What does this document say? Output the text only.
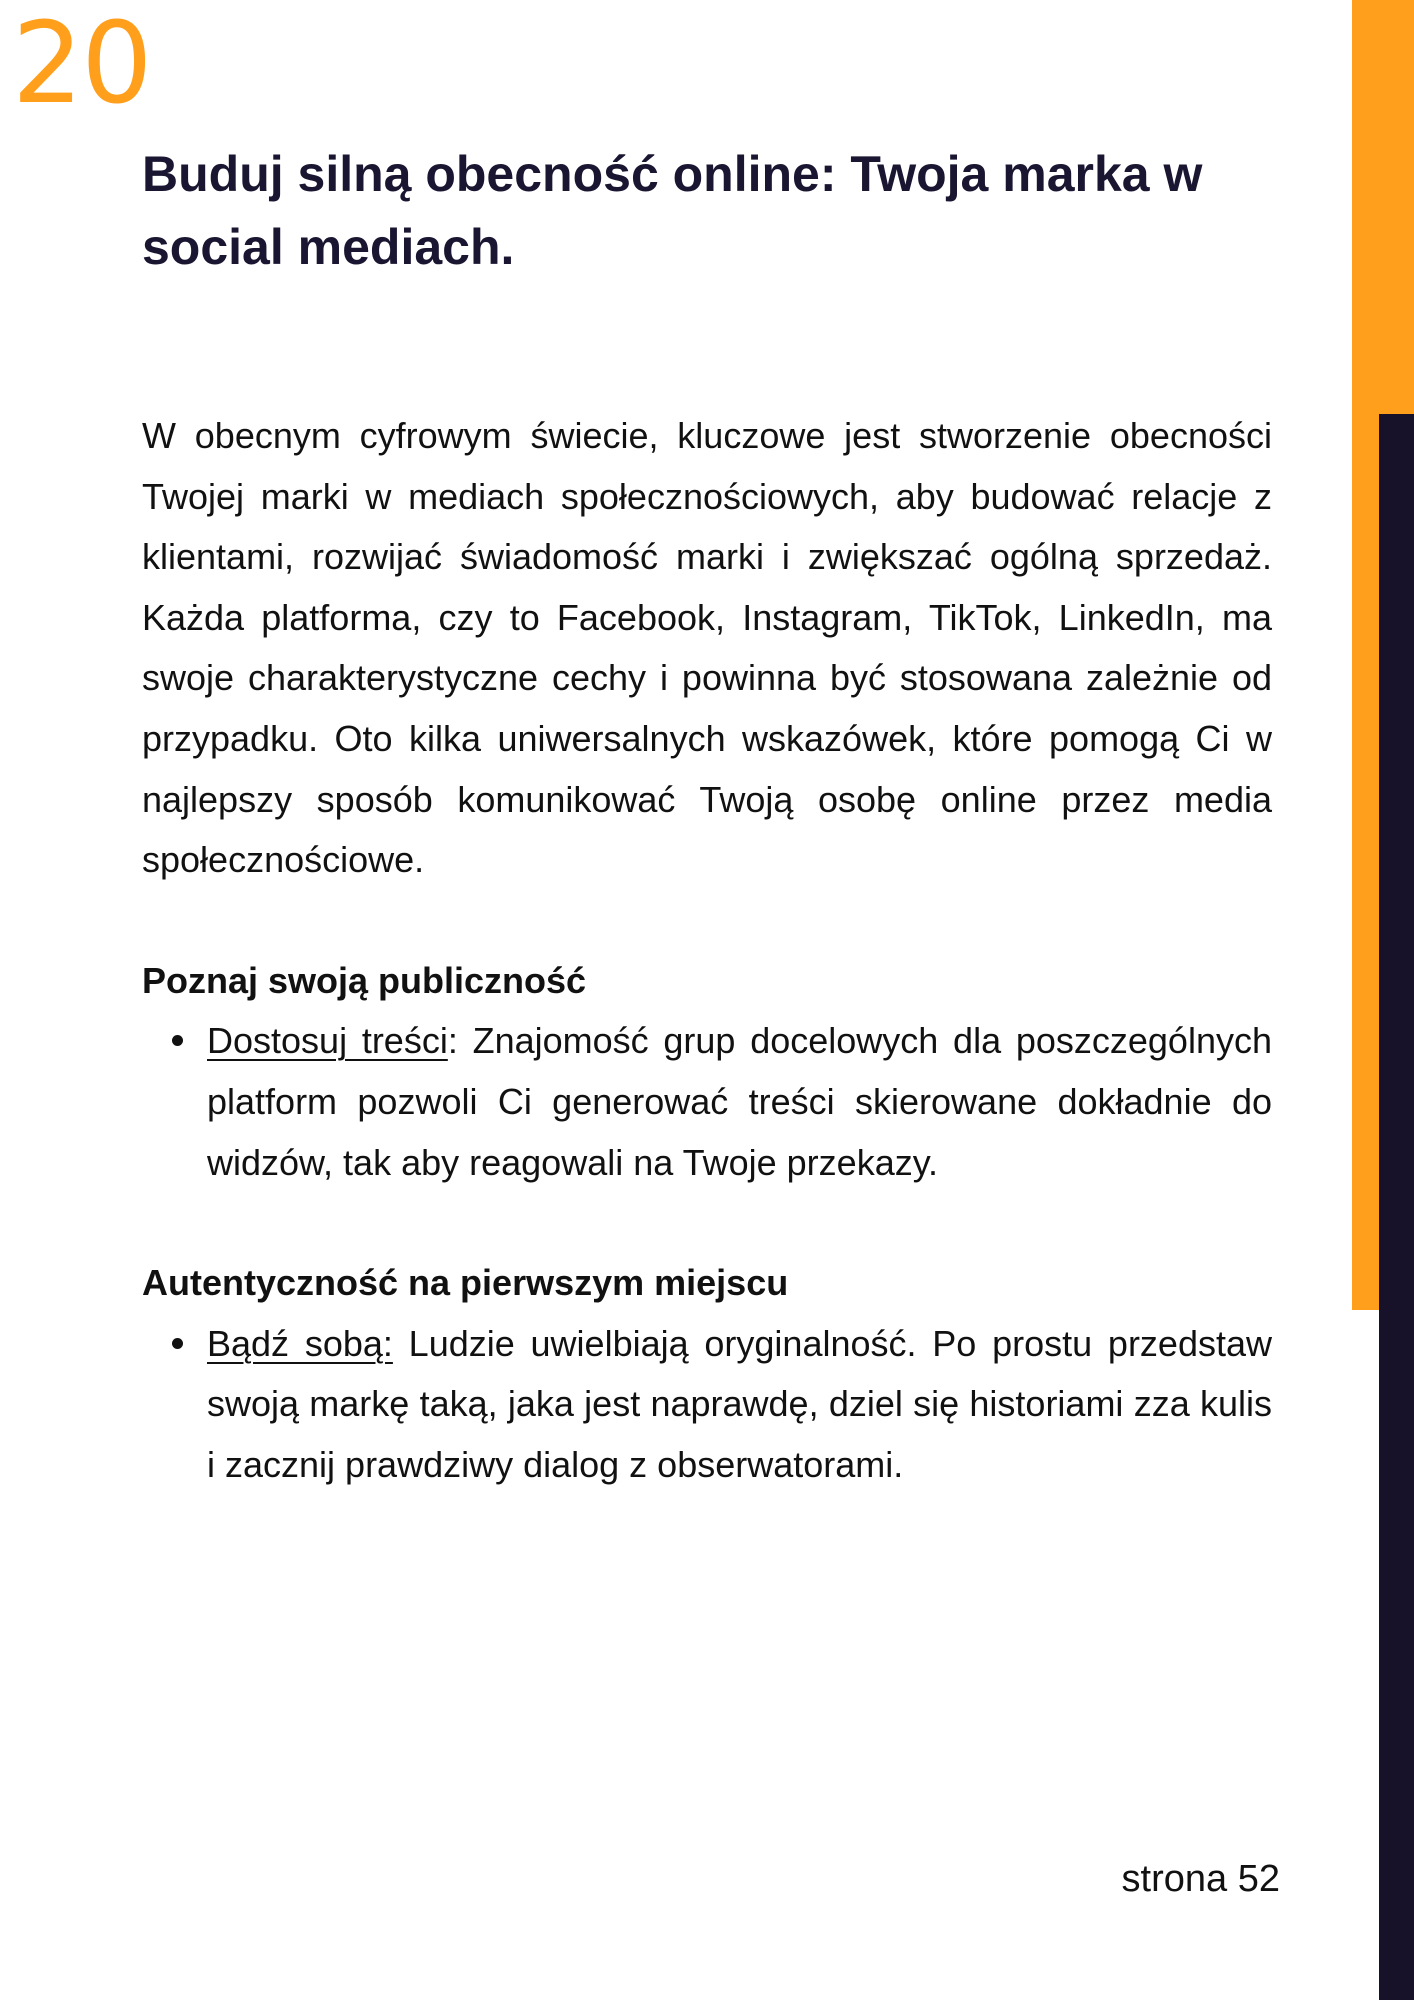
20
Buduj silną obecność online: Twoja marka w social mediach.

W obecnym cyfrowym świecie, kluczowe jest stworzenie obecności Twojej marki w mediach społecznościowych, aby budować relacje z klientami, rozwijać świadomość marki i zwiększać ogólną sprzedaż. Każda platforma, czy to Facebook, Instagram, TikTok, LinkedIn, ma swoje charakterystyczne cechy i powinna być stosowana zależnie od przypadku. Oto kilka uniwersalnych wskazówek, które pomogą Ci w najlepszy sposób komunikować Twoją osobę online przez media społecznościowe.

Poznaj swoją publiczność
Dostosuj treści: Znajomość grup docelowych dla poszczególnych platform pozwoli Ci generować treści skierowane dokładnie do widzów, tak aby reagowali na Twoje przekazy.
Autentyczność na pierwszym miejscu
Bądź sobą: Ludzie uwielbiają oryginalność. Po prostu przedstaw swoją markę taką, jaka jest naprawdę, dziel się historiami zza kulis i zacznij prawdziwy dialog z obserwatorami.
strona 52
